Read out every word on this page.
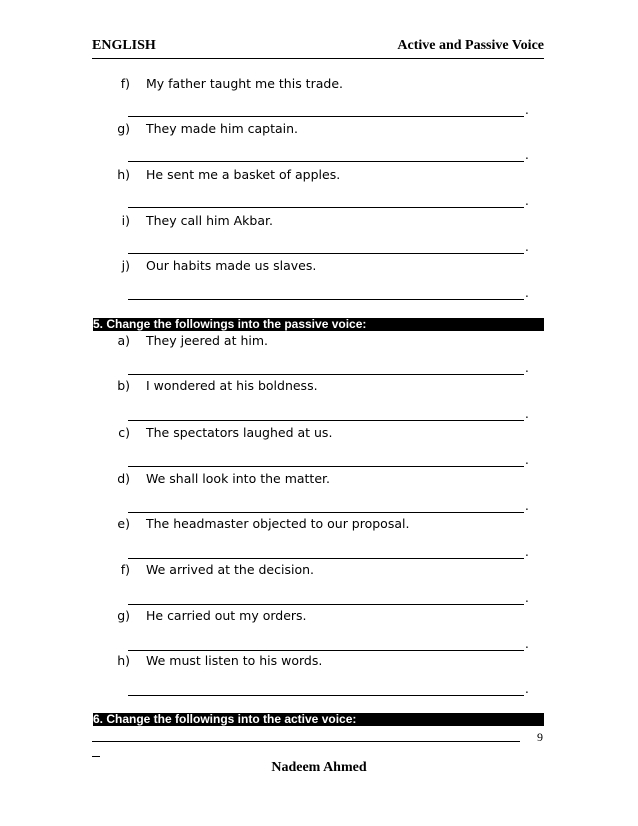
ENGLISH	Active and Passive Voice
f) My father taught me this trade.
.
g) They made him captain.
.
h) He sent me a basket of apples.
.
i) They call him Akbar.
.
j) Our habits made us slaves.
.
5. Change the followings into the passive voice:
a) They jeered at him.
.
b) I wondered at his boldness.
.
c) The spectators laughed at us.
.
d) We shall look into the matter.
.
e) The headmaster objected to our proposal.
.
f) We arrived at the decision.
.
g) He carried out my orders.
.
h) We must listen to his words.
.
6. Change the followings into the active voice:
9
Nadeem Ahmed
